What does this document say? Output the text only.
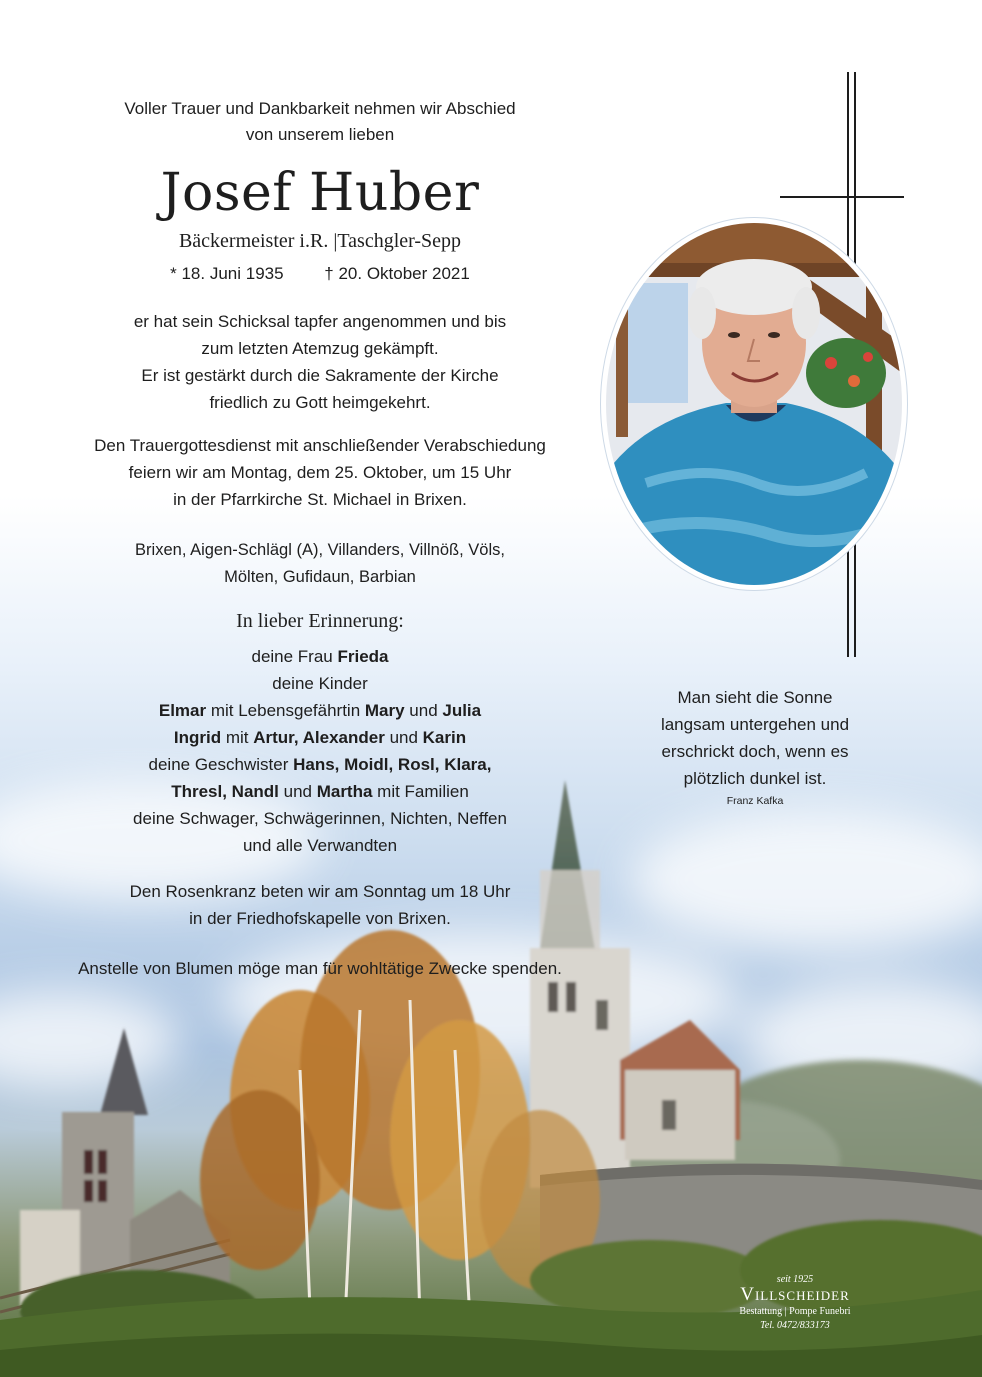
Voller Trauer und Dankbarkeit nehmen wir Abschied
von unserem lieben
Josef Huber
Bäckermeister i.R. |Taschgler-Sepp
* 18. Juni 1935 † 20. Oktober 2021
er hat sein Schicksal tapfer angenommen und bis
zum letzten Atemzug gekämpft.
Er ist gestärkt durch die Sakramente der Kirche
friedlich zu Gott heimgekehrt.
Den Trauergottesdienst mit anschließender Verabschiedung
feiern wir am Montag, dem 25. Oktober, um 15 Uhr
in der Pfarrkirche St. Michael in Brixen.
Brixen, Aigen-Schlägl (A), Villanders, Villnöß, Völs,
Mölten, Gufidaun, Barbian
In lieber Erinnerung:
deine Frau Frieda
deine Kinder
Elmar mit Lebensgefährtin Mary und Julia
Ingrid mit Artur, Alexander und Karin
deine Geschwister Hans, Moidl, Rosl, Klara,
Thresl, Nandl und Martha mit Familien
deine Schwager, Schwägerinnen, Nichten, Neffen
und alle Verwandten
Den Rosenkranz beten wir am Sonntag um 18 Uhr
in der Friedhofskapelle von Brixen.
Anstelle von Blumen möge man für wohltätige Zwecke spenden.
Man sieht die Sonne
langsam untergehen und
erschrickt doch, wenn es
plötzlich dunkel ist.
Franz Kafka
seit 1925
Villscheider
Bestattung | Pompe Funebri
Tel. 0472/833173
